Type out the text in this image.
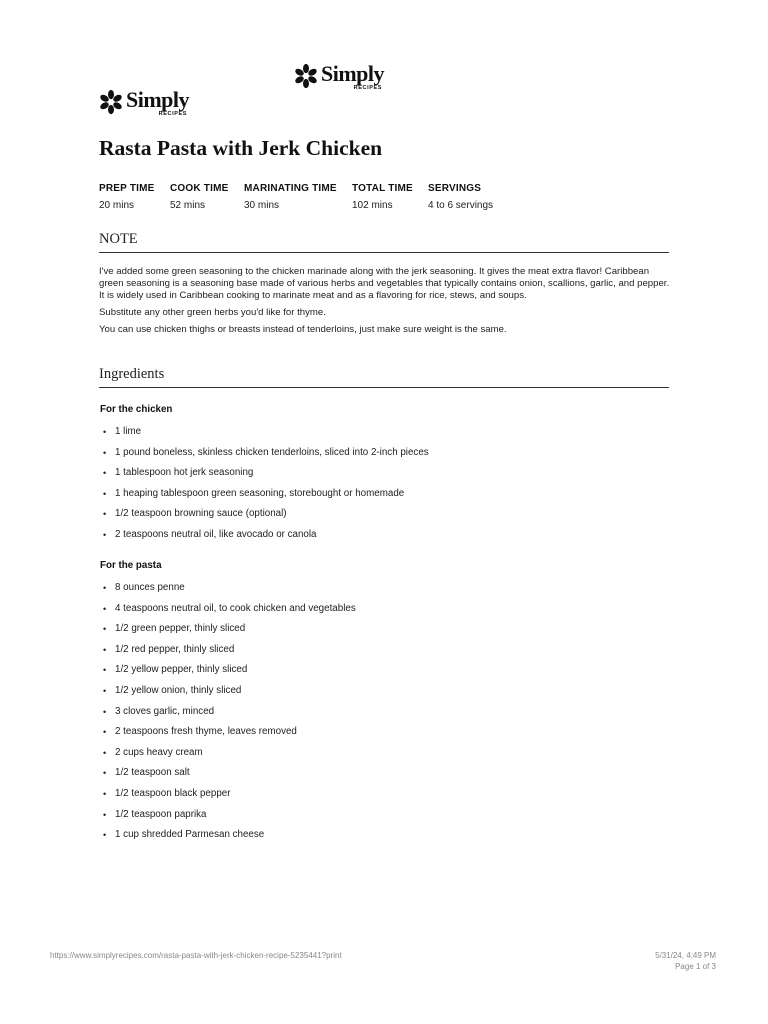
Simply
RECIPES
Simply
RECIPES
Rasta Pasta with Jerk Chicken
PREP TIME
20 mins
COOK TIME
52 mins
MARINATING TIME
30 mins
TOTAL TIME
102 mins
SERVINGS
4 to 6 servings
NOTE

I've added some green seasoning to the chicken marinade along with the jerk seasoning. It gives the meat extra flavor! Caribbean green seasoning is a seasoning base made of various herbs and vegetables that typically contains onion, scallions, garlic, and pepper. It is widely used in Caribbean cooking to marinate meat and as a flavoring for rice, stews, and soups.

Substitute any other green herbs you'd like for thyme.

You can use chicken thighs or breasts instead of tenderloins, just make sure weight is the same.

Ingredients
For the chicken
• 1 lime
• 1 pound boneless, skinless chicken tenderloins, sliced into 2-inch pieces
• 1 tablespoon hot jerk seasoning
• 1 heaping tablespoon green seasoning, storebought or homemade
• 1/2 teaspoon browning sauce (optional)
• 2 teaspoons neutral oil, like avocado or canola
For the pasta
• 8 ounces penne
• 4 teaspoons neutral oil, to cook chicken and vegetables
• 1/2 green pepper, thinly sliced
• 1/2 red pepper, thinly sliced
• 1/2 yellow pepper, thinly sliced
• 1/2 yellow onion, thinly sliced
• 3 cloves garlic, minced
• 2 teaspoons fresh thyme, leaves removed
• 2 cups heavy cream
• 1/2 teaspoon salt
• 1/2 teaspoon black pepper
• 1/2 teaspoon paprika
• 1 cup shredded Parmesan cheese
https://www.simplyrecipes.com/rasta-pasta-with-jerk-chicken-recipe-5235441?print	5/31/24, 4:49 PM
Page 1 of 3
